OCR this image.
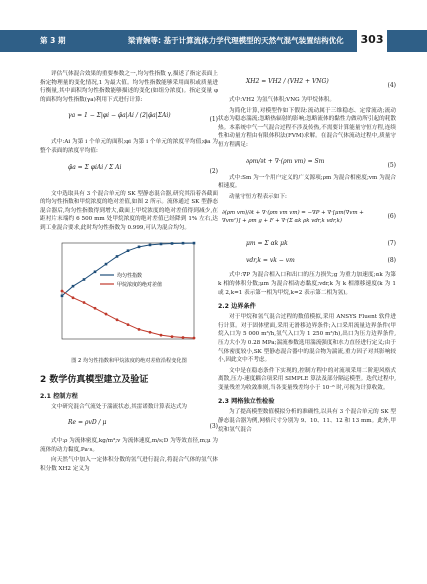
第 3 期	梁青婉等: 基于计算流体力学代理模型的天然气混气装置结构优化	303

评估气体混合效果的重要参数之一,均匀性指数 γ,描述了指定表面上指定物理量的变化情况,1 为最大值。均匀性指数能够采用面积或质量进行衡量,其中面积均匀性指数能够描述的变化(如组分浓度)。指定变量 φ 的面积均匀性指数(γa)利用下式进行计算:

γa = 1 − Σ|φi − φ̄a|Ai / (2|φ̄a|ΣAi)
(1)

式中:Ai 为第 i 个单元的面积;φi 为第 i 个单元的浓度平均值;φ̄a 为整个表面的浓度平均值:

φ̄a = Σ φiAi / Σ Ai
(2)

文中选取具有 3 个混合单元的 SK 型静态混合器,研究其沿着各截面的均匀性指数和甲烷浓度的绝对差值,如图 2 所示。流体通过 SK 型静态混合器后,均匀性指数得到增大,截面上甲烷浓度的绝对差值得到减少,在距衬片末端约 6 500 mm 处甲烷浓度的绝对差值已经降到 1% 左右,达到工业混合要求,此时均匀性指数为 0.999,可认为混合均匀。

均匀性指数
甲烷浓度的绝对差值
图 2 均匀性指数和甲烷浓度的绝对差值沿程变化图
2 数学仿真模型建立及验证
2.1 控制方程

文中研究混合气流处于湍流状态,其雷诺数计算表达式为

Re = ρvD / μ
(3)

式中:ρ 为流体密度,kg/m³;v 为流体速度,m/s;D 为等效直径,m;μ 为流体的动力黏度,Pa·s。

向天然气中加入一定体积分数的氢气进行混合,将混合气体的氢气体积分数 XH2 定义为

XH2 = VH2 / (VH2 + VNG)
(4)

式中:VH2 为氢气体积;VNG 为甲烷体积。

为简化计算,对模型作如下假设:流动属于三维稳态、定常流动;流动状态为稳态湍流;忽略热辐射的影响;忽略流体的黏性力做功所引起的耗散热。本系统中气一气混合过程不涉及传热,不需要计算能量守恒方程,连续性和动量方程由有限体积法(FVM)求解。在混合气体流动过程中,质量守恒方程满足:

∂ρm/∂t + ∇·(ρm vm) = Sm
(5)

式中:Sm 为一个用户定义的广义源项;ρm 为混合相密度;vm 为混合相速度。

动量守恒方程表示如下:

∂(ρm vm)/∂t + ∇·(ρm vm vm) = −∇P + ∇·[μm(∇vm + ∇vmᵀ)] + ρm g + F + ∇·(Σ αk ρk vdr,k vdr,k)
(6)
μm = Σ αk μk	(7)
vdr,k = vk − vm	(8)

式中:∇P 为混合相入口和出口的压力损失;g 为重力加速度;αk 为第 k 相的体积分数;μm 为混合相动态黏度;vdr,k 为 k 相漂移速度(k 为 1 或 2,k=1 表示第一相为甲烷,k=2 表示第二相为氢)。

2.2 边界条件

对于甲烷和氢气混合过程的数值模拟,采用 ANSYS Fluent 软件进行计算。对于固体壁面,采用无滑移边界条件;入口采用流量边界条件(甲烷入口为 5 000 m³/h,氢气入口为 1 250 m³/h),出口为压力边界条件,压力大小为 0.28 MPa;湍流参数选用湍流强度和水力直径进行定义;由于气体密度较小,SK 型静态混合器中的混合物为湍流,重力因子对其影响较小,因此文中不考虑。

文中是在稳态条件下实现的,控制方程中的对流项采用二阶迎风格式离散,压力-速度耦合项采用 SIMPLE 算法及部分隔运模型。迭代过程中,变量残差为收敛准则,当各变量残差均小于 10⁻⁶ 时,可视为计算收敛。

2.3 网格独立性检验

为了提高模型数值模拟分析的准确性,以具有 3 个混合单元的 SK 型静态混合器为例,网格尺寸分别为 9、10、11、12 和 13 mm。此外,甲烷和氢气混合
